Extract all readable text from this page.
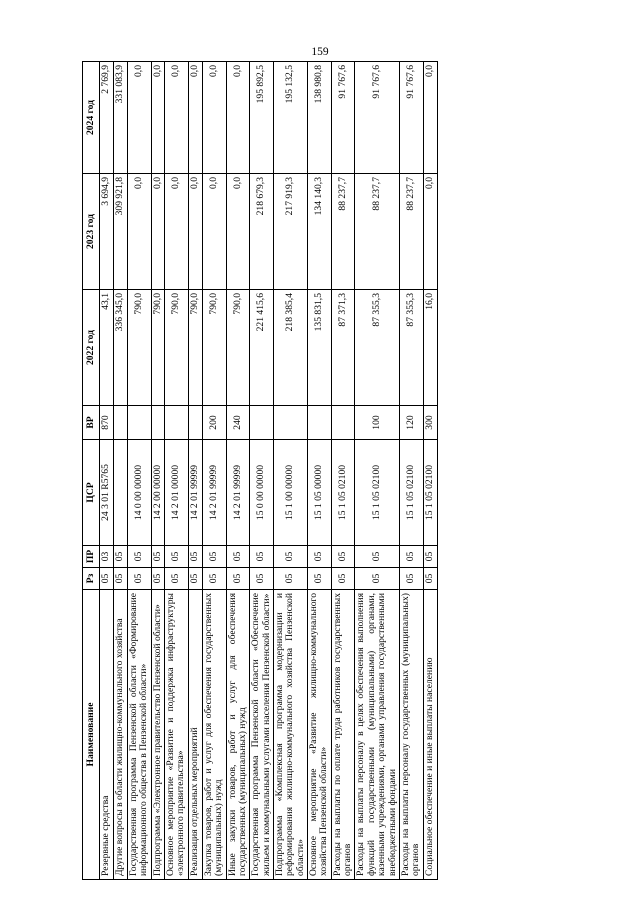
159
Наименование	Рз	ПР	ЦСР	ВР	2022 год	2023 год	2024 год
Резервные средства	05	03	24 3 01 R5765	870	43,1	3 694,9	2 769,9
Другие вопросы в области жилищно-коммунального хозяйства	05	05			336 345,0	309 921,8	331 083,9
Государственная программа Пензенской области «Формирование информационного общества в Пензенской области»	05	05	14 0 00 00000		790,0	0,0	0,0
Подпрограмма «Электронное правительство Пензенской области»	05	05	14 2 00 00000		790,0	0,0	0,0
Основное мероприятие «Развитие и поддержка инфраструктуры «электронного правительства»	05	05	14 2 01 00000		790,0	0,0	0,0
Реализация отдельных мероприятий	05	05	14 2 01 99999		790,0	0,0	0,0
Закупка товаров, работ и услуг для обеспечения государственных (муниципальных) нужд	05	05	14 2 01 99999	200	790,0	0,0	0,0
Иные закупки товаров, работ и услуг для обеспечения государственных (муниципальных) нужд	05	05	14 2 01 99999	240	790,0	0,0	0,0
Государственная программа Пензенской области «Обеспечение жильем и коммунальными услугами населения Пензенской области»	05	05	15 0 00 00000		221 415,6	218 679,3	195 892,5
Подпрограмма «Комплексная программа модернизации и реформирования жилищно-коммунального хозяйства Пензенской области»	05	05	15 1 00 00000		218 385,4	217 919,3	195 132,5
Основное мероприятие «Развитие жилищно-коммунального хозяйства Пензенской области»	05	05	15 1 05 00000		135 831,5	134 140,3	138 980,8
Расходы на выплаты по оплате труда работников государственных органов	05	05	15 1 05 02100		87 371,3	88 237,7	91 767,6
Расходы на выплаты персоналу в целях обеспечения выполнения функций государственными (муниципальными) органами, казенными учреждениями, органами управления государственными внебюджетными фондами	05	05	15 1 05 02100	100	87 355,3	88 237,7	91 767,6
Расходы на выплаты персоналу государственных (муниципальных) органов	05	05	15 1 05 02100	120	87 355,3	88 237,7	91 767,6
Социальное обеспечение и иные выплаты населению	05	05	15 1 05 02100	300	16,0	0,0	0,0
